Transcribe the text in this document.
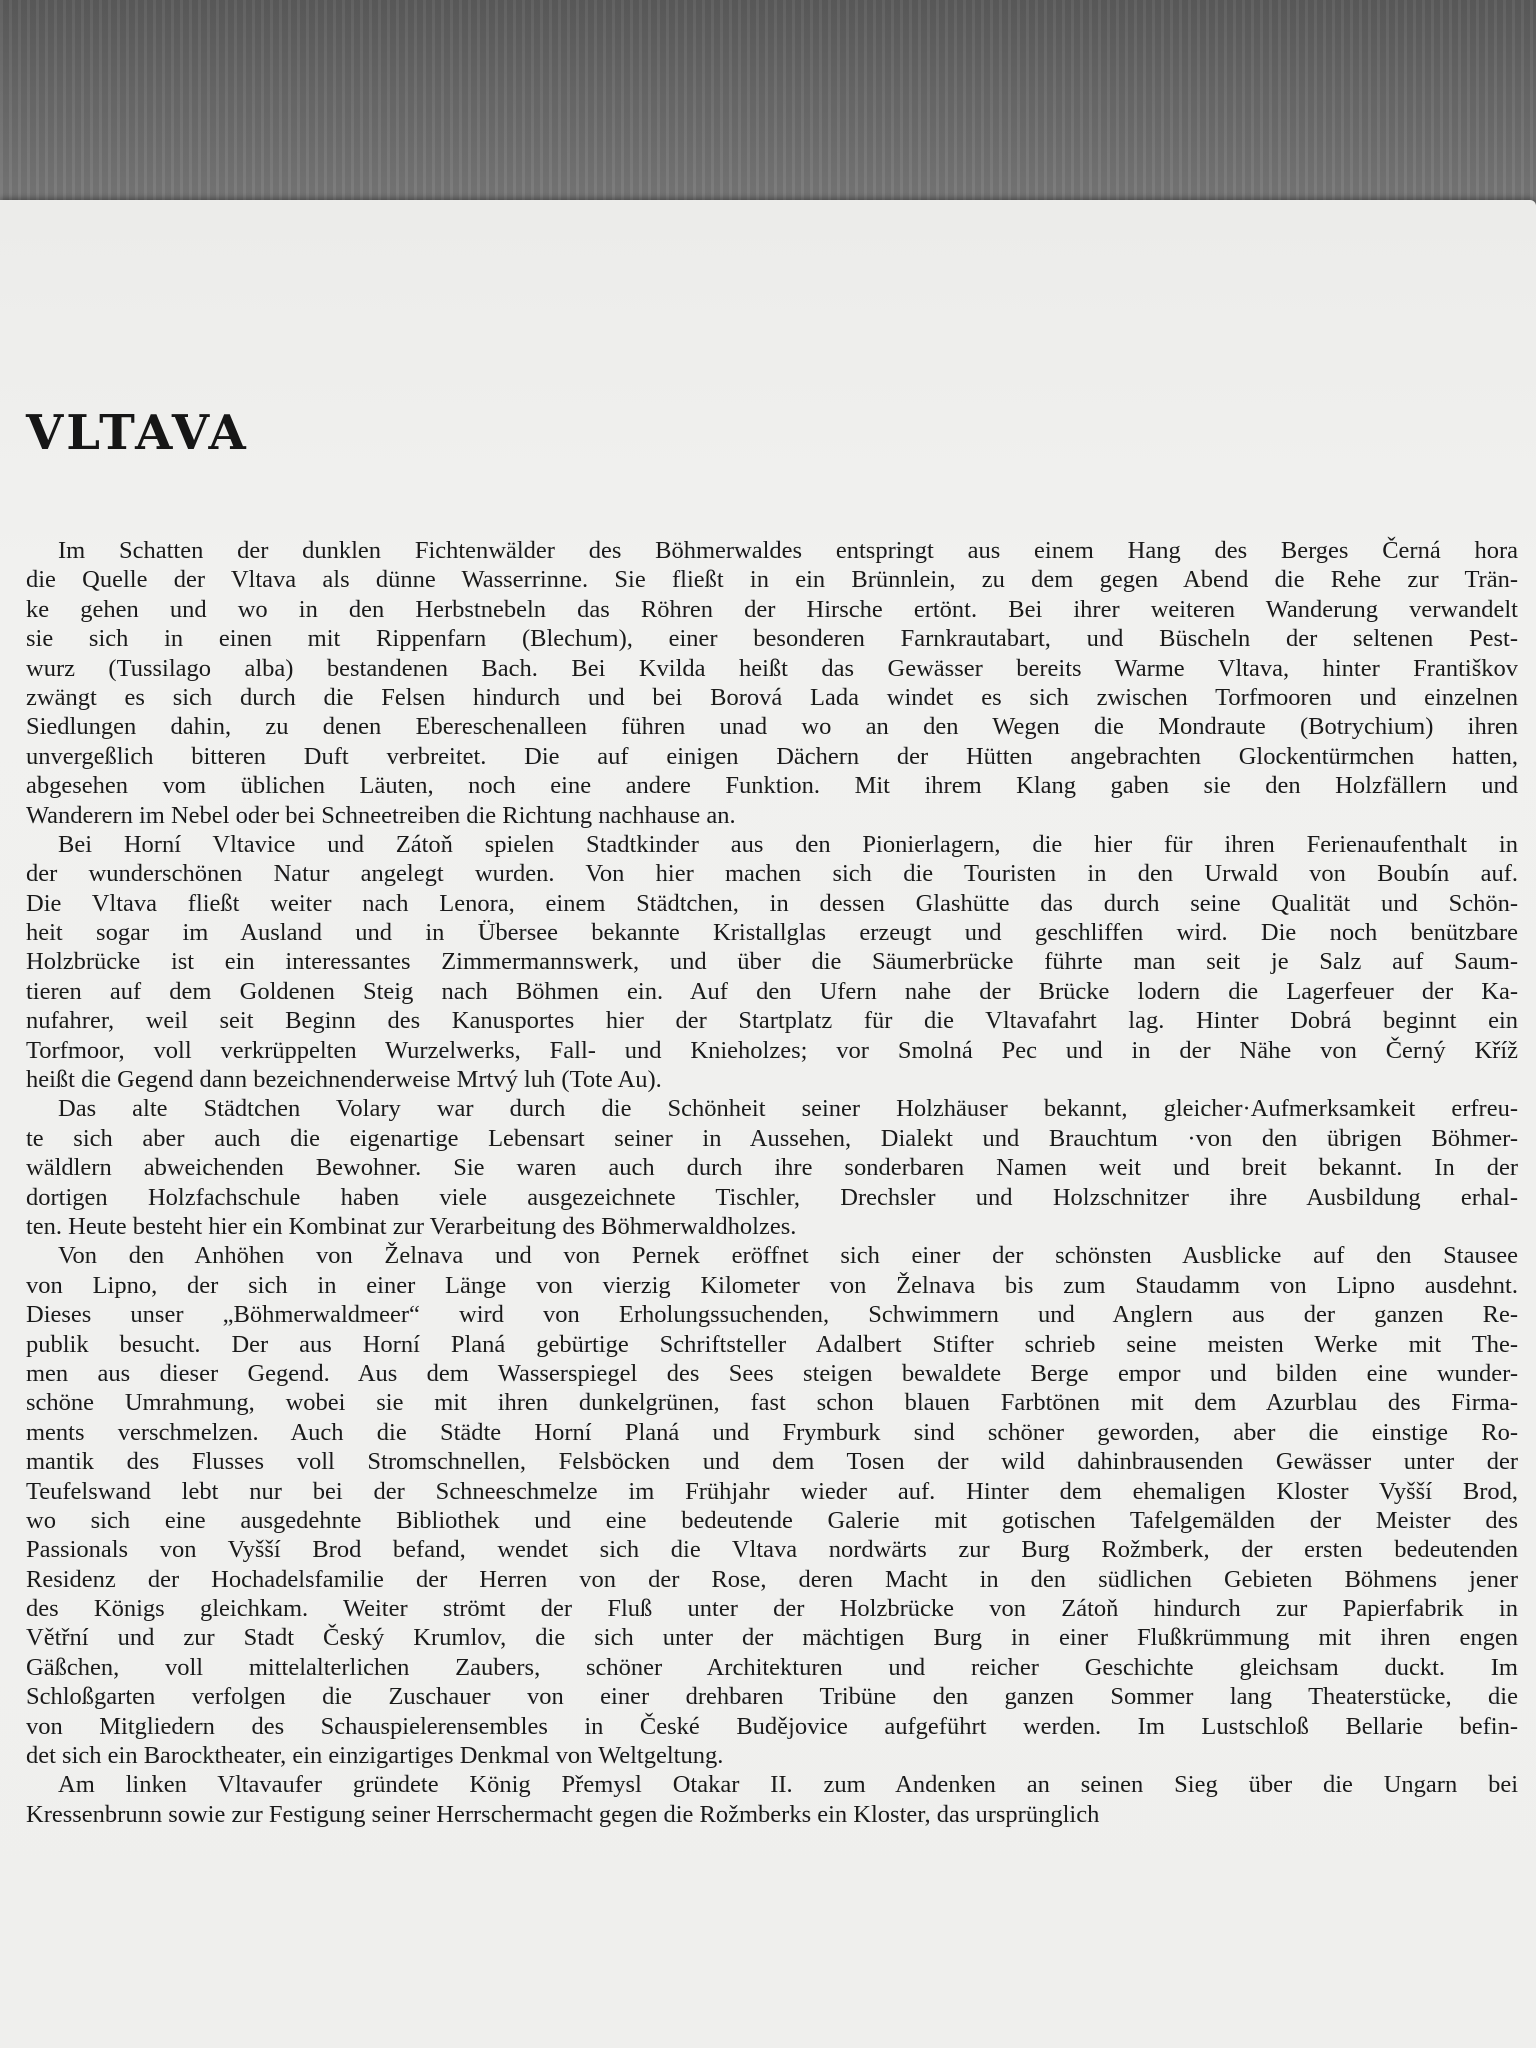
VLTAVA
Im Schatten der dunklen Fichtenwälder des Böhmerwaldes entspringt aus einem Hang des Berges Černá hora
die Quelle der Vltava als dünne Wasserrinne. Sie fließt in ein Brünnlein, zu dem gegen Abend die Rehe zur Trän-
ke gehen und wo in den Herbstnebeln das Röhren der Hirsche ertönt. Bei ihrer weiteren Wanderung verwandelt
sie sich in einen mit Rippenfarn (Blechum), einer besonderen Farnkrautabart, und Büscheln der seltenen Pest-
wurz (Tussilago alba) bestandenen Bach. Bei Kvilda heißt das Gewässer bereits Warme Vltava, hinter Františkov
zwängt es sich durch die Felsen hindurch und bei Borová Lada windet es sich zwischen Torfmooren und einzelnen
Siedlungen dahin, zu denen Ebereschenalleen führen unad wo an den Wegen die Mondraute (Botrychium) ihren
unvergeßlich bitteren Duft verbreitet. Die auf einigen Dächern der Hütten angebrachten Glockentürmchen hatten,
abgesehen vom üblichen Läuten, noch eine andere Funktion. Mit ihrem Klang gaben sie den Holzfällern und
Wanderern im Nebel oder bei Schneetreiben die Richtung nachhause an.
Bei Horní Vltavice und Zátoň spielen Stadtkinder aus den Pionierlagern, die hier für ihren Ferienaufenthalt in
der wunderschönen Natur angelegt wurden. Von hier machen sich die Touristen in den Urwald von Boubín auf.
Die Vltava fließt weiter nach Lenora, einem Städtchen, in dessen Glashütte das durch seine Qualität und Schön-
heit sogar im Ausland und in Übersee bekannte Kristallglas erzeugt und geschliffen wird. Die noch benützbare
Holzbrücke ist ein interessantes Zimmermannswerk, und über die Säumerbrücke führte man seit je Salz auf Saum-
tieren auf dem Goldenen Steig nach Böhmen ein. Auf den Ufern nahe der Brücke lodern die Lagerfeuer der Ka-
nufahrer, weil seit Beginn des Kanusportes hier der Startplatz für die Vltavafahrt lag. Hinter Dobrá beginnt ein
Torfmoor, voll verkrüppelten Wurzelwerks, Fall- und Knieholzes; vor Smolná Pec und in der Nähe von Černý Kříž
heißt die Gegend dann bezeichnenderweise Mrtvý luh (Tote Au).
Das alte Städtchen Volary war durch die Schönheit seiner Holzhäuser bekannt, gleicher·Aufmerksamkeit erfreu-
te sich aber auch die eigenartige Lebensart seiner in Aussehen, Dialekt und Brauchtum ·von den übrigen Böhmer-
wäldlern abweichenden Bewohner. Sie waren auch durch ihre sonderbaren Namen weit und breit bekannt. In der
dortigen Holzfachschule haben viele ausgezeichnete Tischler, Drechsler und Holzschnitzer ihre Ausbildung erhal-
ten. Heute besteht hier ein Kombinat zur Verarbeitung des Böhmerwaldholzes.
Von den Anhöhen von Želnava und von Pernek eröffnet sich einer der schönsten Ausblicke auf den Stausee
von Lipno, der sich in einer Länge von vierzig Kilometer von Želnava bis zum Staudamm von Lipno ausdehnt.
Dieses unser „Böhmerwaldmeer“ wird von Erholungssuchenden, Schwimmern und Anglern aus der ganzen Re-
publik besucht. Der aus Horní Planá gebürtige Schriftsteller Adalbert Stifter schrieb seine meisten Werke mit The-
men aus dieser Gegend. Aus dem Wasserspiegel des Sees steigen bewaldete Berge empor und bilden eine wunder-
schöne Umrahmung, wobei sie mit ihren dunkelgrünen, fast schon blauen Farbtönen mit dem Azurblau des Firma-
ments verschmelzen. Auch die Städte Horní Planá und Frymburk sind schöner geworden, aber die einstige Ro-
mantik des Flusses voll Stromschnellen, Felsböcken und dem Tosen der wild dahinbrausenden Gewässer unter der
Teufelswand lebt nur bei der Schneeschmelze im Frühjahr wieder auf. Hinter dem ehemaligen Kloster Vyšší Brod,
wo sich eine ausgedehnte Bibliothek und eine bedeutende Galerie mit gotischen Tafelgemälden der Meister des
Passionals von Vyšší Brod befand, wendet sich die Vltava nordwärts zur Burg Rožmberk, der ersten bedeutenden
Residenz der Hochadelsfamilie der Herren von der Rose, deren Macht in den südlichen Gebieten Böhmens jener
des Königs gleichkam. Weiter strömt der Fluß unter der Holzbrücke von Zátoň hindurch zur Papierfabrik in
Větřní und zur Stadt Český Krumlov, die sich unter der mächtigen Burg in einer Flußkrümmung mit ihren engen
Gäßchen, voll mittelalterlichen Zaubers, schöner Architekturen und reicher Geschichte gleichsam duckt. Im
Schloßgarten verfolgen die Zuschauer von einer drehbaren Tribüne den ganzen Sommer lang Theaterstücke, die
von Mitgliedern des Schauspielerensembles in České Budějovice aufgeführt werden. Im Lustschloß Bellarie befin-
det sich ein Barocktheater, ein einzigartiges Denkmal von Weltgeltung.
Am linken Vltavaufer gründete König Přemysl Otakar II. zum Andenken an seinen Sieg über die Ungarn bei
Kressenbrunn sowie zur Festigung seiner Herrschermacht gegen die Rožmberks ein Kloster, das ursprünglich
